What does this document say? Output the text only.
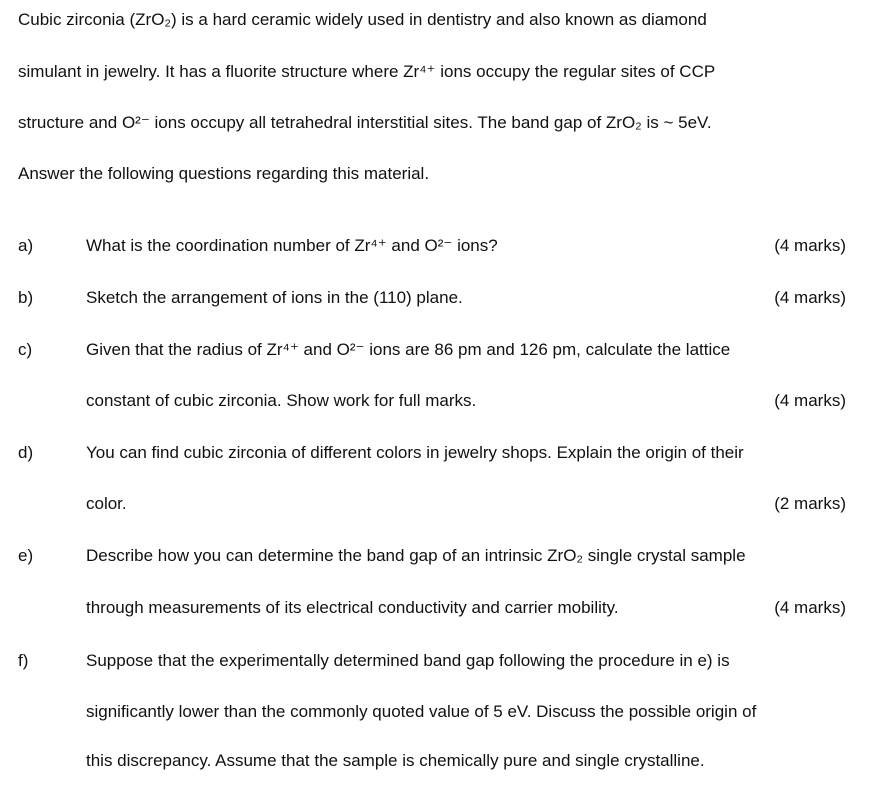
Cubic zirconia (ZrO₂) is a hard ceramic widely used in dentistry and also known as diamond
simulant in jewelry. It has a fluorite structure where Zr⁴⁺ ions occupy the regular sites of CCP
structure and O²⁻ ions occupy all tetrahedral interstitial sites. The band gap of ZrO₂ is ~ 5eV.
Answer the following questions regarding this material.
a)	What is the coordination number of Zr⁴⁺ and O²⁻ ions?	(4 marks)
b)	Sketch the arrangement of ions in the (110) plane.	(4 marks)
c)	Given that the radius of Zr⁴⁺ and O²⁻ ions are 86 pm and 126 pm, calculate the lattice
constant of cubic zirconia. Show work for full marks.	(4 marks)
d)	You can find cubic zirconia of different colors in jewelry shops. Explain the origin of their
color.	(2 marks)
e)	Describe how you can determine the band gap of an intrinsic ZrO₂ single crystal sample
through measurements of its electrical conductivity and carrier mobility.	(4 marks)
f)	Suppose that the experimentally determined band gap following the procedure in e) is
significantly lower than the commonly quoted value of 5 eV. Discuss the possible origin of
this discrepancy. Assume that the sample is chemically pure and single crystalline.
